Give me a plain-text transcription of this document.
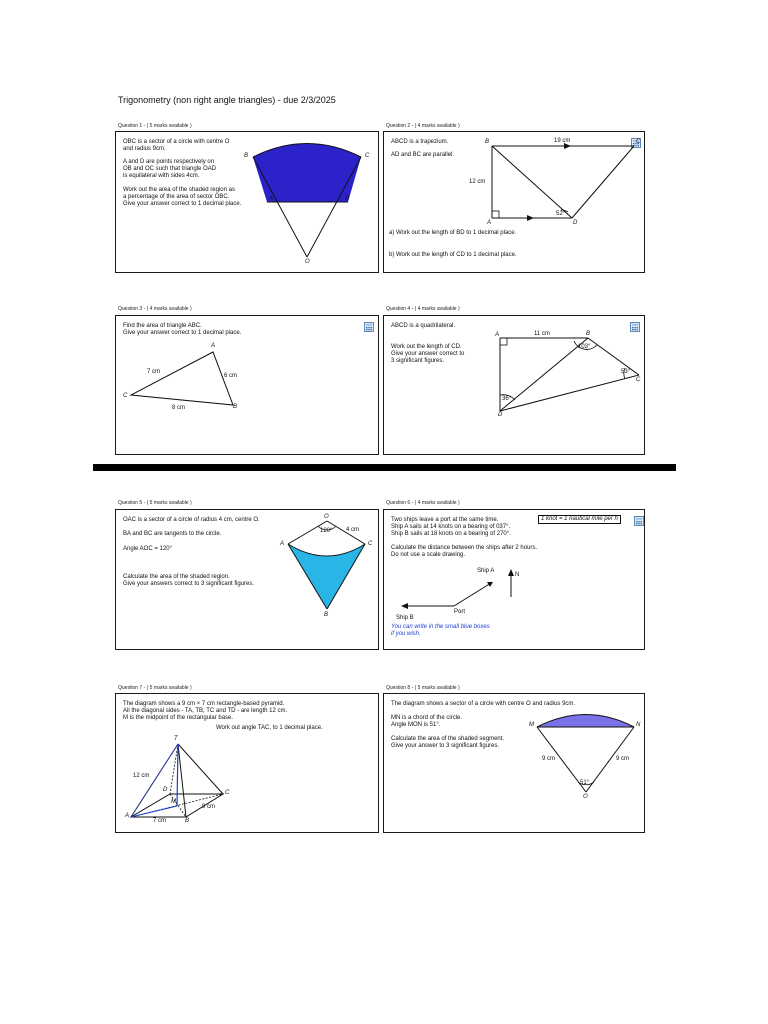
Trigonometry (non right angle triangles) - due 2/3/2025
Question 1 - ( 5 marks available )
OBC is a sector of a circle with centre O
and radius 9cm.
A and D are points respectively on
OB and OC such that triangle OAD
is equilateral with sides 4cm.
Work out the area of the shaded region as
a percentage of the area of sector OBC.
Give your answer correct to 1 decimal place.
B	C
A	D
O
Question 2 - ( 4 marks available )
ABCD is a trapezium.
AD and BC are parallel.
B	C
A	D
19 cm
12 cm
52°
a) Work out the length of BD to 1 decimal place.
b) Work out the length of CD to 1 decimal place.
Question 3 - ( 4 marks available )
Find the area of triangle ABC.
Give your answer correct to 1 decimal place.
A
C
B
7 cm
6 cm
8 cm
Question 4 - ( 4 marks available )
ABCD is a quadrilateral.
Work out the length of CD.
Give your answer correct to
3 significant figures.
A	B
C
D
11 cm
103°
53°
36°
Question 5 - ( 5 marks available )
OAC is a sector of a circle of radius 4 cm, centre O.
BA and BC are tangents to the circle.
Angle AOC = 120°
Calculate the area of the shaded region.
Give your answers correct to 3 significant figures.
O
A	C
B
120° 4 cm
Question 6 - ( 4 marks available )
1 knot = 1 nautical mile per h
Two ships leave a port at the same time.
Ship A sails at 14 knots on a bearing of 037°.
Ship B sails at 18 knots on a bearing of 270°.
Calculate the distance between the ships after 2 hours.
Do not use a scale drawing.
Ship A
N
Port
Ship B
You can write in the small blue boxes
if you wish.
Question 7 - ( 5 marks available )
The diagram shows a 9 cm × 7 cm rectangle-based pyramid.
All the diagonal sides - TA, TB, TC and TD - are length 12 cm.
M is the midpoint of the rectangular base.
Work out angle TAC, to 1 decimal place.
T
A
B
C
D
M
12 cm
7 cm
9 cm
Question 8 - ( 5 marks available )
The diagram shows a sector of a circle with centre O and radius 9cm.
MN is a chord of the circle.
Angle MON is 51°.
Calculate the area of the shaded segment.
Give your answer to 3 significant figures.
M	N
O
9 cm	9 cm
51°
